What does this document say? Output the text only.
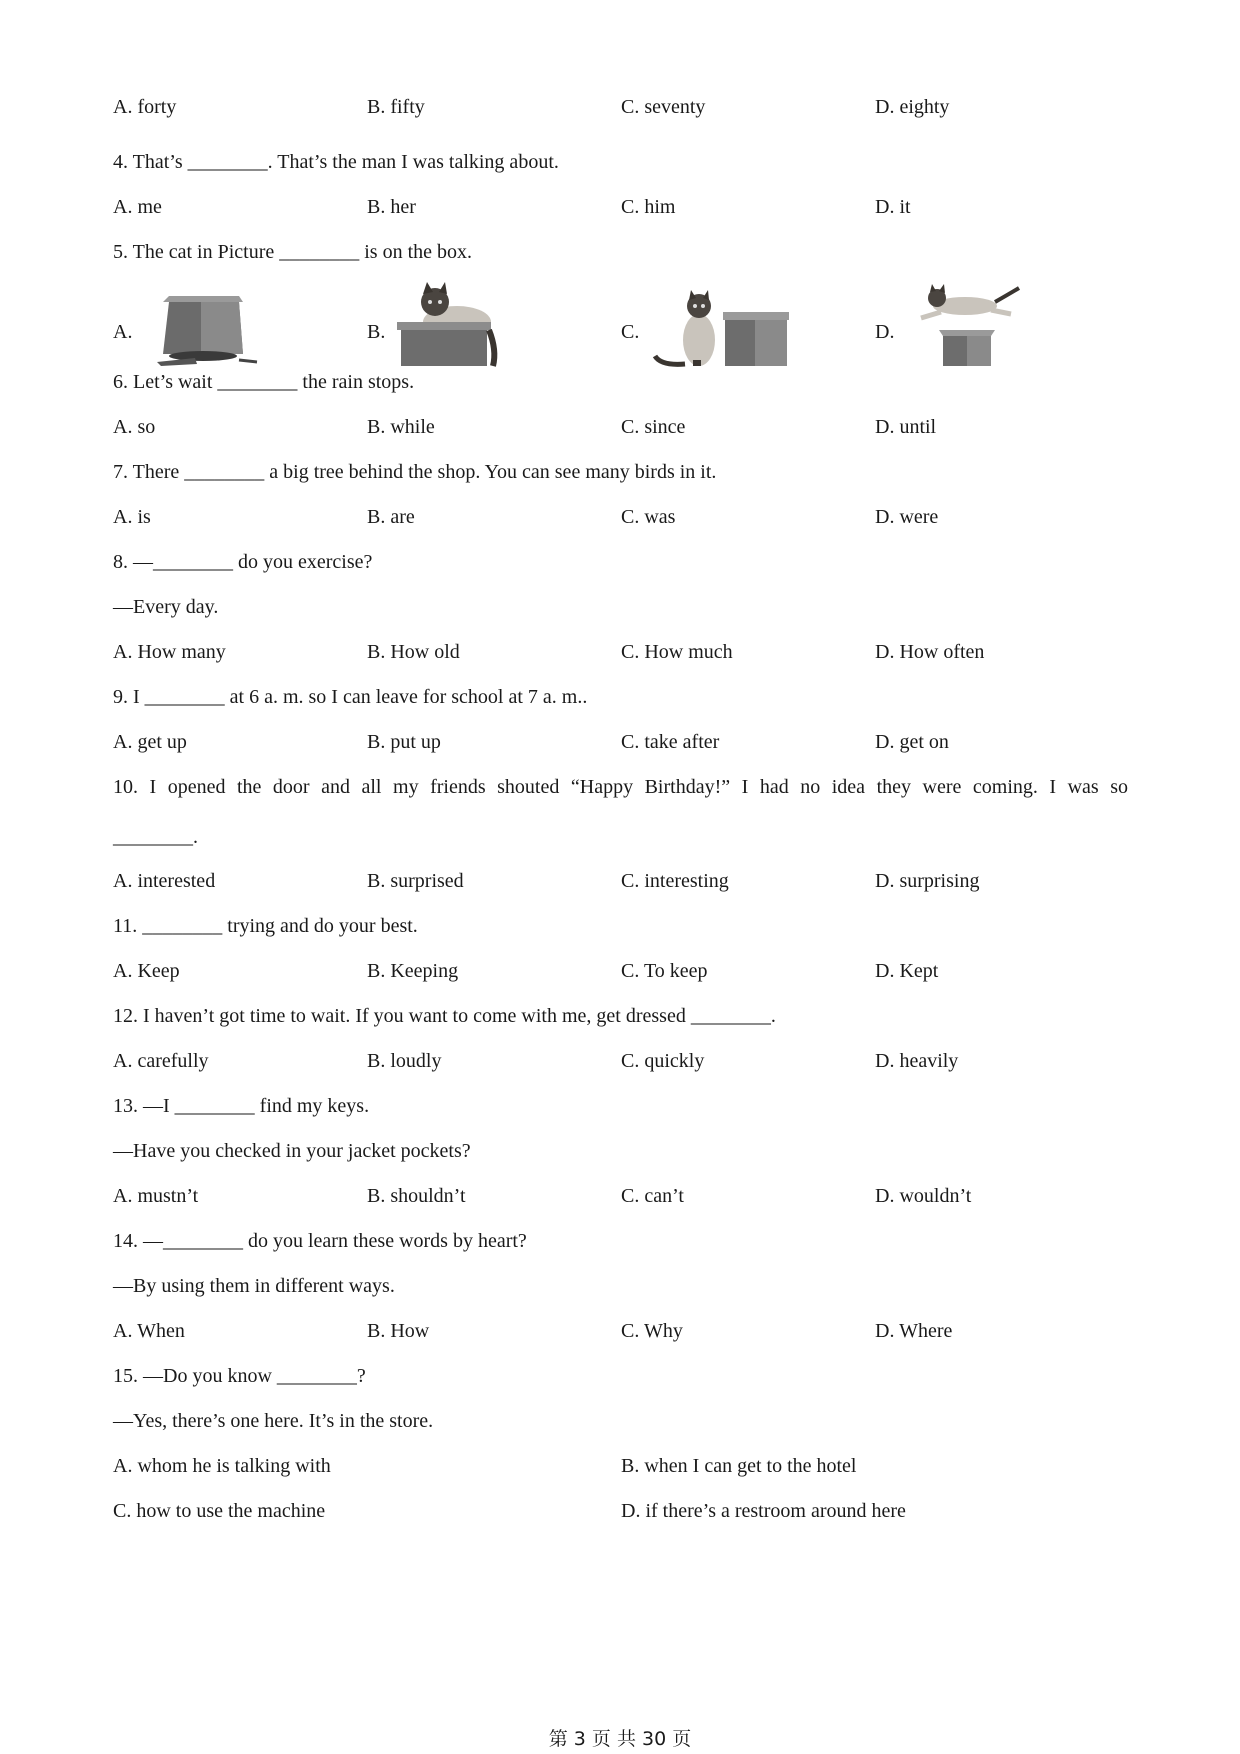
A. forty	B. fifty	C. seventy	D. eighty
4. That’s ________. That’s the man I was talking about.
A. me	B. her	C. him	D. it
5. The cat in Picture ________ is on the box.
A.	B.	C.	D.
6. Let’s wait ________ the rain stops.
A. so	B. while	C. since	D. until
7. There ________ a big tree behind the shop. You can see many birds in it.
A. is	B. are	C. was	D. were
8. —________ do you exercise?
—Every day.
A. How many	B. How old	C. How much	D. How often
9. I ________ at 6 a. m. so I can leave for school at 7 a. m..
A. get up	B. put up	C. take after	D. get on
10. I opened the door and all my friends shouted “Happy Birthday!” I had no idea they were coming. I was so
________.
A. interested	B. surprised	C. interesting	D. surprising
11. ________ trying and do your best.
A. Keep	B. Keeping	C. To keep	D. Kept
12. I haven’t got time to wait. If you want to come with me, get dressed ________.
A. carefully	B. loudly	C. quickly	D. heavily
13. —I ________ find my keys.
—Have you checked in your jacket pockets?
A. mustn’t	B. shouldn’t	C. can’t	D. wouldn’t
14. —________ do you learn these words by heart?
—By using them in different ways.
A. When	B. How	C. Why	D. Where
15. —Do you know ________?
—Yes, there’s one here. It’s in the store.
A. whom he is talking with	B. when I can get to the hotel
C. how to use the machine	D. if there’s a restroom around here
第 3 页 共 30 页
